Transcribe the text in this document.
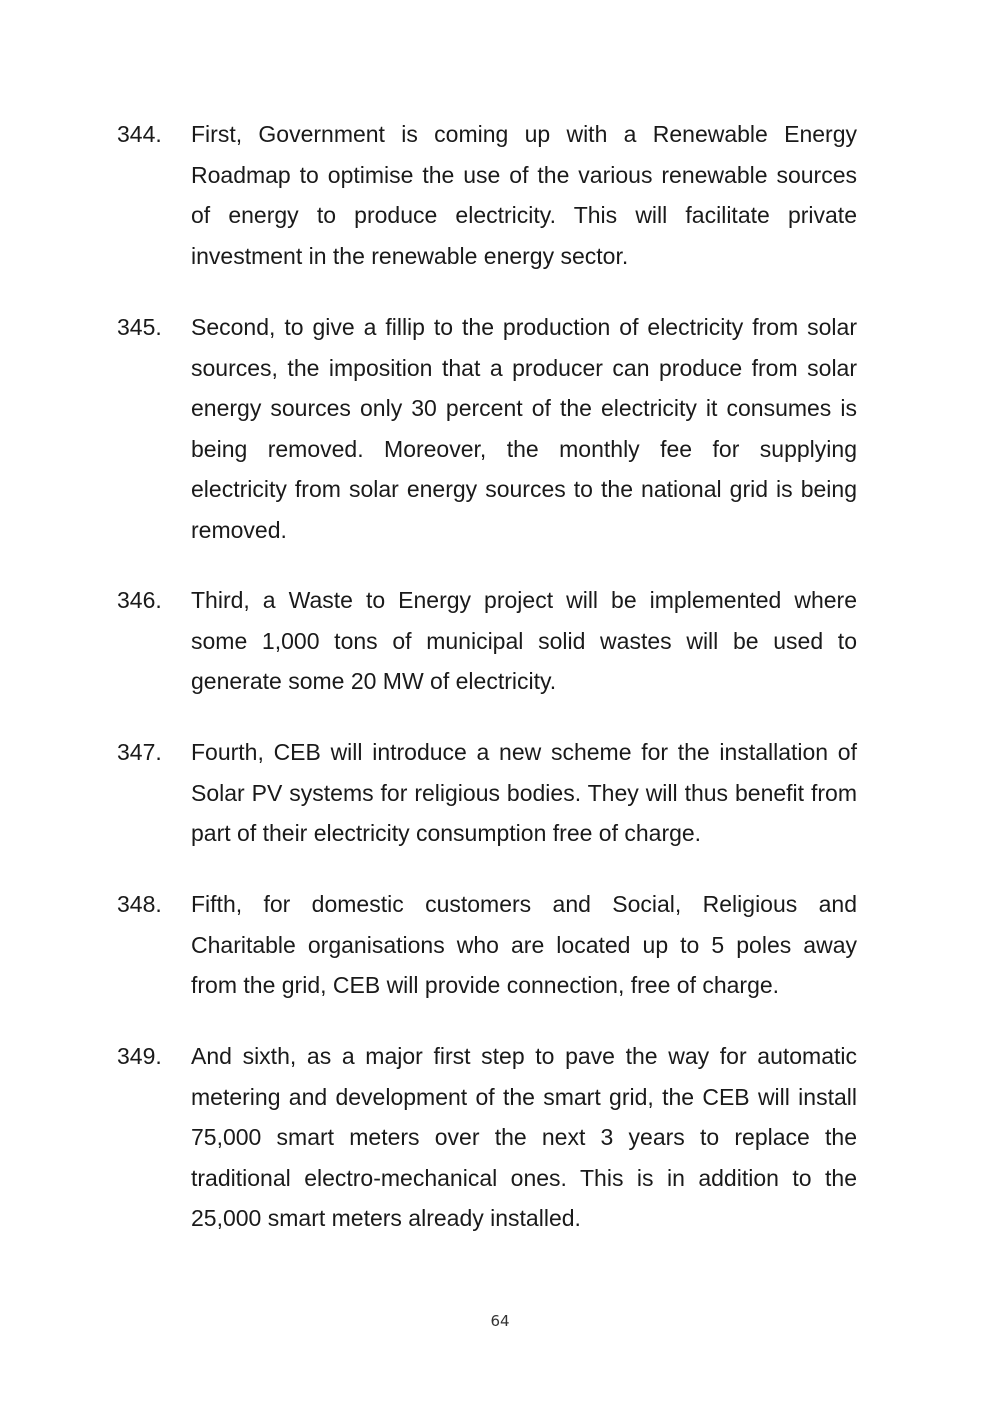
344.	First, Government is coming up with a Renewable Energy Roadmap to optimise the use of the various renewable sources of energy to produce electricity. This will facilitate private investment in the renewable energy sector.
345.	Second, to give a fillip to the production of electricity from solar sources, the imposition that a producer can produce from solar energy sources only 30 percent of the electricity it consumes is being removed. Moreover, the monthly fee for supplying electricity from solar energy sources to the national grid is being removed.
346.	Third, a Waste to Energy project will be implemented where some 1,000 tons of municipal solid wastes will be used to generate some 20 MW of electricity.
347.	Fourth, CEB will introduce a new scheme for the installation of Solar PV systems for religious bodies. They will thus benefit from part of their electricity consumption free of charge.
348.	Fifth, for domestic customers and Social, Religious and Charitable organisations who are located up to 5 poles away from the grid, CEB will provide connection, free of charge.
349.	And sixth, as a major first step to pave the way for automatic metering and development of the smart grid, the CEB will install 75,000 smart meters over the next 3 years to replace the traditional electro-mechanical ones. This is in addition to the 25,000 smart meters already installed.
64
